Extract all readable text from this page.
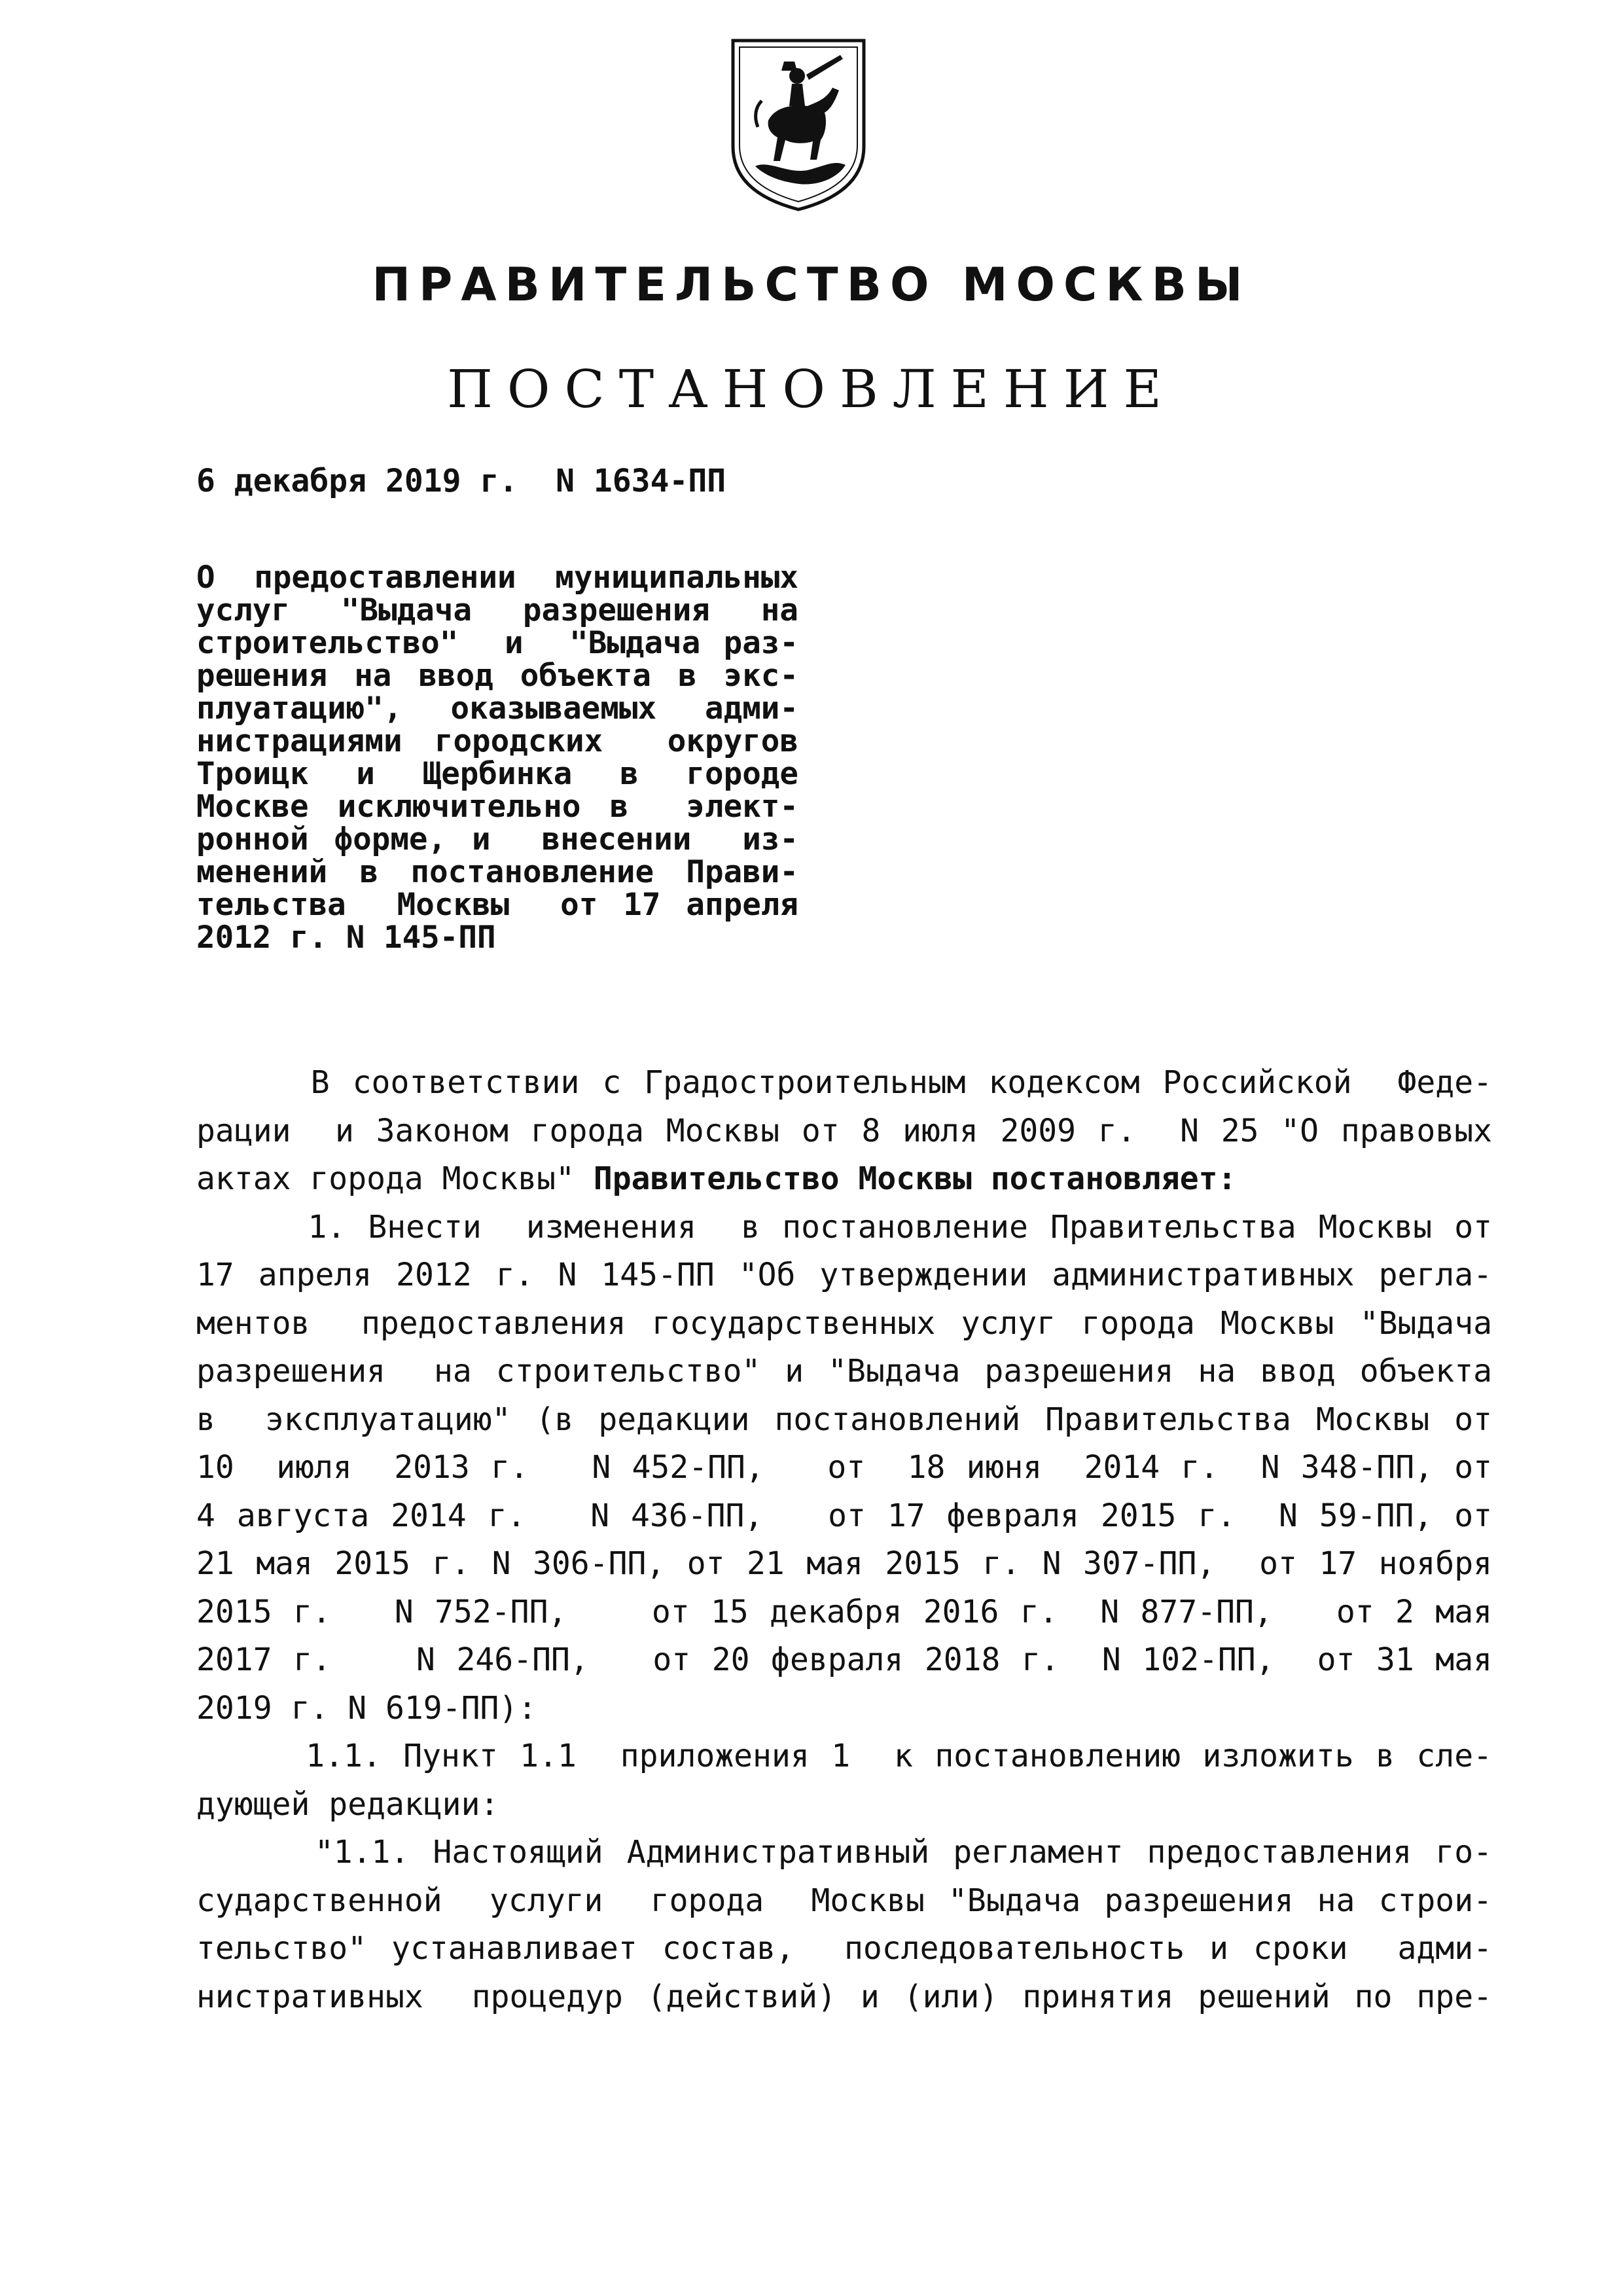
ПРАВИТЕЛЬСТВО МОСКВЫ
ПОСТАНОВЛЕНИЕ
6 декабря 2019 г.  N 1634-ПП
О предоставлении муниципальных
услуг  "Выдача  разрешения  на
строительство"  и  "Выдача раз-
решения на ввод объекта в экс-
плуатацию",  оказываемых  адми-
нистрациями городских  округов
Троицк  и  Щербинка  в  городе
Москве исключительно в  элект-
ронной форме, и  внесении  из-
менений в постановление Прави-
тельства  Москвы  от 17 апреля
2012 г. N 145-ПП
В соответствии с Градостроительным кодексом Российской  Феде-
рации  и Законом города Москвы от 8 июля 2009 г.  N 25 "О правовых
актах города Москвы" Правительство Москвы постановляет:
1. Внести  изменения  в постановление Правительства Москвы от
17 апреля 2012 г. N 145-ПП "Об утверждении административных регла-
ментов  предоставления государственных услуг города Москвы "Выдача
разрешения  на строительство" и "Выдача разрешения на ввод объекта
в  эксплуатацию" (в редакции постановлений Правительства Москвы от
10  июля  2013 г.   N 452-ПП,   от  18 июня  2014 г.  N 348-ПП, от
4 августа 2014 г.   N 436-ПП,   от 17 февраля 2015 г.  N 59-ПП, от
21 мая 2015 г. N 306-ПП, от 21 мая 2015 г. N 307-ПП,  от 17 ноября
2015 г.   N 752-ПП,    от 15 декабря 2016 г.  N 877-ПП,   от 2 мая
2017 г.    N 246-ПП,   от 20 февраля 2018 г.  N 102-ПП,  от 31 мая
2019 г. N 619-ПП):
1.1. Пункт 1.1  приложения 1  к постановлению изложить в сле-
дующей редакции:
"1.1. Настоящий Административный регламент предоставления го-
сударственной  услуги  города  Москвы "Выдача разрешения на строи-
тельство" устанавливает состав,  последовательность и сроки  адми-
нистративных  процедур (действий) и (или) принятия решений по пре-
